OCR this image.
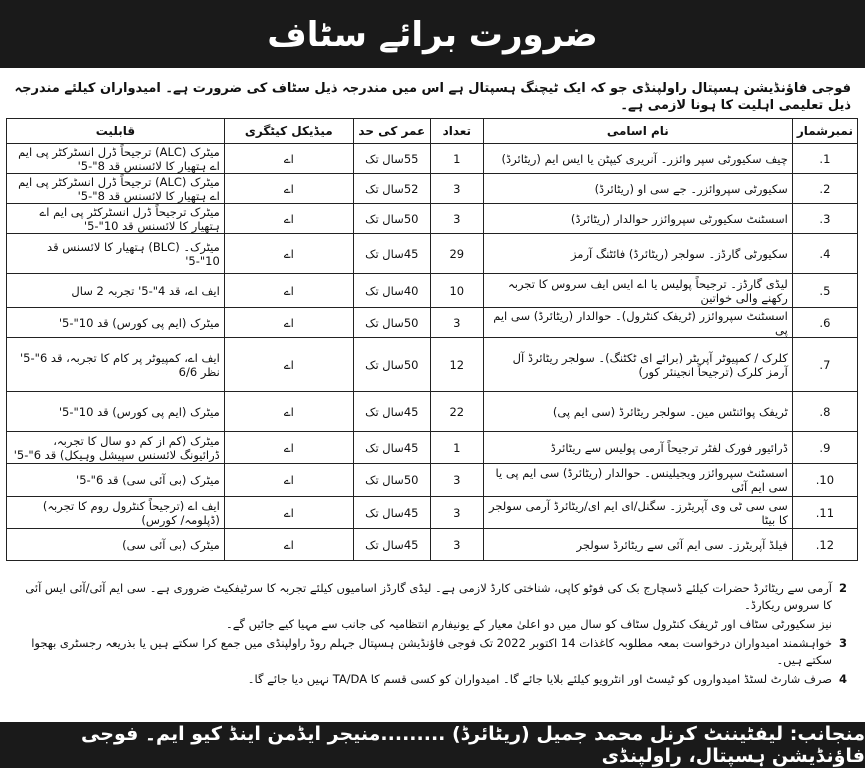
ضرورت برائے سٹاف
فوجی فاؤنڈیشن ہسپتال راولپنڈی جو کہ ایک ٹیچنگ ہسپتال ہے اس میں مندرجہ ذیل سٹاف کی ضرورت ہے۔ امیدواران کیلئے مندرجہ ذیل تعلیمی اہلیت کا ہونا لازمی ہے۔
نمبرشمار	نام اسامی	تعداد	عمر کی حد	میڈیکل کیٹگری	قابلیت
1.	چیف سکیورٹی سپر وائزر۔ آنریری کیپٹن یا ایس ایم (ریٹائرڈ)	1	55سال تک	اے	میٹرک (ALC) ترجیحاً ڈرل انسٹرکٹر پی ایم اے ہتھیار کا لائسنس قد 8"-5'
2.	سکیورٹی سپروائزر۔ جے سی او (ریٹائرڈ)	3	52سال تک	اے	میٹرک (ALC) ترجیحاً ڈرل انسٹرکٹر پی ایم اے ہتھیار کا لائسنس قد 8"-5'
3.	اسسٹنٹ سکیورٹی سپروائزر حوالدار (ریٹائرڈ)	3	50سال تک	اے	میٹرک ترجیحاً ڈرل انسٹرکٹر پی ایم اے ہتھیار کا لائسنس قد 10"-5'
4.	سکیورٹی گارڈز۔ سولجر (ریٹائرڈ) فائٹنگ آرمز	29	45سال تک	اے	میٹرک۔ (BLC) ہتھیار کا لائسنس قد 10"-5'
5.	لیڈی گارڈز۔ ترجیحاً پولیس یا اے ایس ایف سروس کا تجربہ رکھنے والی خواتین	10	40سال تک	اے	ایف اے، قد 4"-5' تجربہ 2 سال
6.	اسسٹنٹ سپروائزر (ٹریفک کنٹرول)۔ حوالدار (ریٹائرڈ) سی ایم پی	3	50سال تک	اے	میٹرک (ایم پی کورس) قد 10"-5'
7.	کلرک / کمپیوٹر آپریٹر (برائے ای ٹکٹنگ)۔ سولجر ریٹائرڈ آل آرمز کلرک (ترجیحاً انجینئر کور)	12	50سال تک	اے	ایف اے، کمپیوٹر پر کام کا تجربہ، قد 6"-5' نظر 6/6
8.	ٹریفک پوائنٹس مین۔ سولجر ریٹائرڈ (سی ایم پی)	22	45سال تک	اے	میٹرک (ایم پی کورس) قد 10"-5'
9.	ڈرائیور فورک لفٹر ترجیحاً آرمی پولیس سے ریٹائرڈ	1	45سال تک	اے	میٹرک (کم از کم دو سال کا تجربہ، ڈرائیونگ لائسنس سپیشل وہیکل) قد 6"-5'
10.	اسسٹنٹ سپروائزر ویجیلینس۔ حوالدار (ریٹائرڈ) سی ایم پی یا سی ایم آئی	3	50سال تک	اے	میٹرک (بی آئی سی) قد 6"-5'
11.	سی سی ٹی وی آپریٹرز۔ سگنل/ای ایم ای/ریٹائرڈ آرمی سولجر کا بیٹا	3	45سال تک	اے	ایف اے (ترجیحاً کنٹرول روم کا تجربہ) (ڈپلومہ/ کورس)
12.	فیلڈ آپریٹرز۔ سی ایم آئی سے ریٹائرڈ سولجر	3	45سال تک	اے	میٹرک (بی آئی سی)
2
آرمی سے ریٹائرڈ حضرات کیلئے ڈسچارج بک کی فوٹو کاپی، شناختی کارڈ لازمی ہے۔ لیڈی گارڈز اسامیوں کیلئے تجربہ کا سرٹیفکیٹ ضروری ہے۔ سی ایم آئی/آئی ایس آئی کا سروس ریکارڈ۔
نیز سکیورٹی سٹاف اور ٹریفک کنٹرول سٹاف کو سال میں دو اعلیٰ معیار کے یونیفارم انتظامیہ کی جانب سے مہیا کیے جائیں گے۔
3
خواہشمند امیدواران درخواست بمعہ مطلوبہ کاغذات 14 اکتوبر 2022 تک فوجی فاؤنڈیشن ہسپتال جہلم روڈ راولپنڈی میں جمع کرا سکتے ہیں یا بذریعہ رجسٹری بھجوا سکتے ہیں۔
4
صرف شارٹ لسٹڈ امیدواروں کو ٹیسٹ اور انٹرویو کیلئے بلایا جائے گا۔ امیدواران کو کسی قسم کا TA/DA نہیں دیا جائے گا۔
منجانب: لیفٹیننٹ کرنل محمد جمیل (ریٹائرڈ) .........منیجر ایڈمن اینڈ کیو ایم۔ فوجی فاؤنڈیشن ہسپتال، راولپنڈی
